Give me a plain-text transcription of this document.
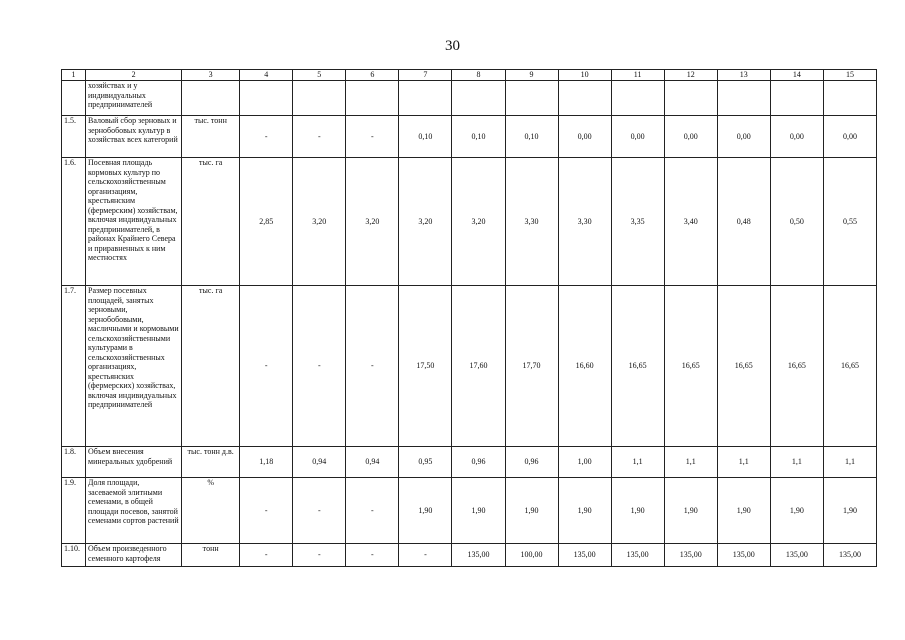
30
1	2	3	4	5	6	7	8	9	10	11	12	13	14	15
	хозяйствах и у индивидуальных предпринимателей													
1.5.	Валовый сбор зерновых и зернобобовых культур в хозяйствах всех категорий	тыс. тонн	-	-	-	0,10	0,10	0,10	0,00	0,00	0,00	0,00	0,00	0,00
1.6.	Посевная площадь кормовых культур по сельскохозяйственным организациям, крестьянским (фермерским) хозяйствам, включая индивидуальных предпринимателей, в районах Крайнего Севера и приравненных к ним местностях	тыс. га	2,85	3,20	3,20	3,20	3,20	3,30	3,30	3,35	3,40	0,48	0,50	0,55
1.7.	Размер посевных площадей, занятых зерновыми, зернобобовыми, масличными и кормовыми сельскохозяйственными культурами в сельскохозяйственных организациях, крестьянских (фермерских) хозяйствах, включая индивидуальных предпринимателей	тыс. га	-	-	-	17,50	17,60	17,70	16,60	16,65	16,65	16,65	16,65	16,65
1.8.	Объем внесения минеральных удобрений	тыс. тонн д.в.	1,18	0,94	0,94	0,95	0,96	0,96	1,00	1,1	1,1	1,1	1,1	1,1
1.9.	Доля площади, засеваемой элитными семенами, в общей площади посевов, занятой семенами сортов растений	%	-	-	-	1,90	1,90	1,90	1,90	1,90	1,90	1,90	1,90	1,90
1.10.	Объем произведенного семенного картофеля	тонн	-	-	-	-	135,00	100,00	135,00	135,00	135,00	135,00	135,00	135,00
